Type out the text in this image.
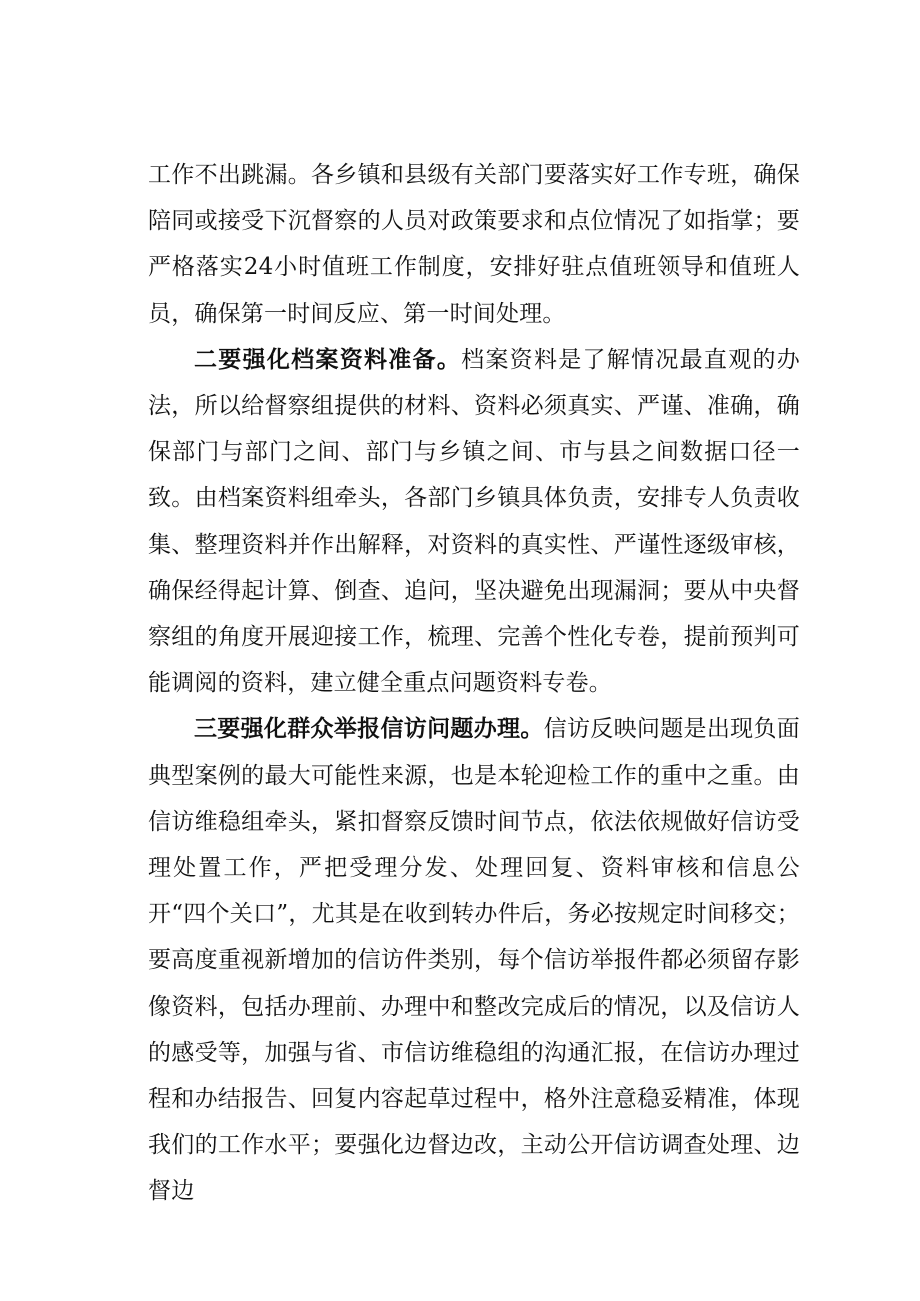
工作不出跳漏。各乡镇和县级有关部门要落实好工作专班，确保陪同或接受下沉督察的人员对政策要求和点位情况了如指掌；要严格落实24小时值班工作制度，安排好驻点值班领导和值班人员，确保第一时间反应、第一时间处理。

二要强化档案资料准备。档案资料是了解情况最直观的办法，所以给督察组提供的材料、资料必须真实、严谨、准确，确保部门与部门之间、部门与乡镇之间、市与县之间数据口径一致。由档案资料组牵头，各部门乡镇具体负责，安排专人负责收集、整理资料并作出解释，对资料的真实性、严谨性逐级审核，确保经得起计算、倒查、追问，坚决避免出现漏洞；要从中央督察组的角度开展迎接工作，梳理、完善个性化专卷，提前预判可能调阅的资料，建立健全重点问题资料专卷。

三要强化群众举报信访问题办理。信访反映问题是出现负面典型案例的最大可能性来源，也是本轮迎检工作的重中之重。由信访维稳组牵头，紧扣督察反馈时间节点，依法依规做好信访受理处置工作，严把受理分发、处理回复、资料审核和信息公开“四个关口”，尤其是在收到转办件后，务必按规定时间移交；要高度重视新增加的信访件类别，每个信访举报件都必须留存影像资料，包括办理前、办理中和整改完成后的情况，以及信访人的感受等，加强与省、市信访维稳组的沟通汇报，在信访办理过程和办结报告、回复内容起草过程中，格外注意稳妥精准，体现我们的工作水平；要强化边督边改，主动公开信访调查处理、边督边
